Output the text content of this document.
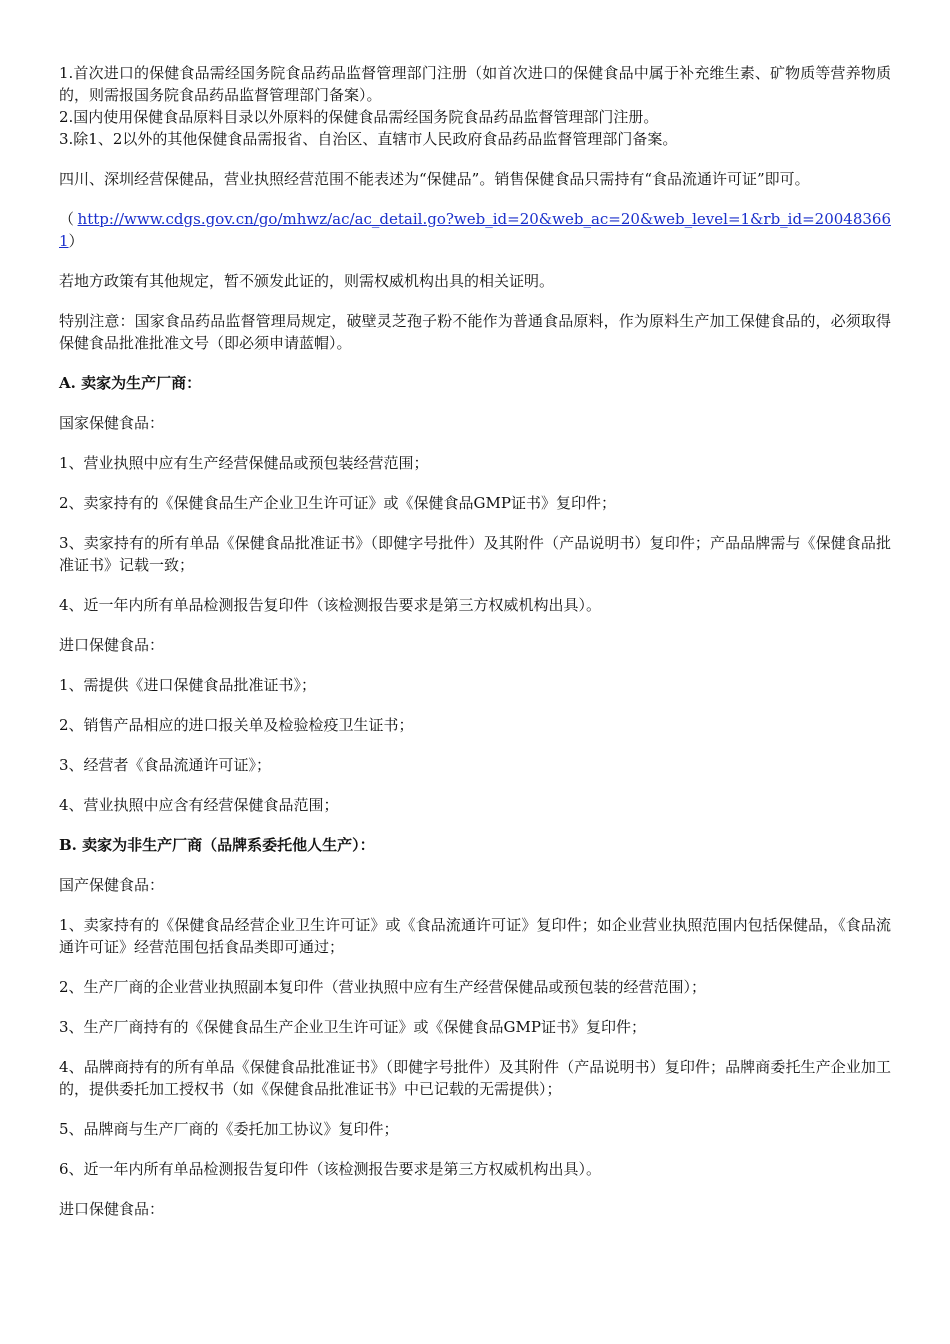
1.首次进口的保健食品需经国务院食品药品监督管理部门注册（如首次进口的保健食品中属于补充维生素、矿物质等营养物质的，则需报国务院食品药品监督管理部门备案）。

2.国内使用保健食品原料目录以外原料的保健食品需经国务院食品药品监督管理部门注册。

3.除1、2以外的其他保健食品需报省、自治区、直辖市人民政府食品药品监督管理部门备案。

四川、深圳经营保健品，营业执照经营范围不能表述为“保健品”。销售保健食品只需持有“食品流通许可证”即可。

（http://www.cdgs.gov.cn/go/mhwz/ac/ac_detail.go?web_id=20&web_ac=20&web_level=1&rb_id=200483661）

若地方政策有其他规定，暂不颁发此证的，则需权威机构出具的相关证明。

特别注意：国家食品药品监督管理局规定，破壁灵芝孢子粉不能作为普通食品原料，作为原料生产加工保健食品的，必须取得保健食品批准批准文号（即必须申请蓝帽）。

A. 卖家为生产厂商：

国家保健食品：

1、营业执照中应有生产经营保健品或预包装经营范围；

2、卖家持有的《保健食品生产企业卫生许可证》或《保健食品GMP证书》复印件；

3、卖家持有的所有单品《保健食品批准证书》（即健字号批件）及其附件（产品说明书）复印件；产品品牌需与《保健食品批准证书》记载一致；

4、近一年内所有单品检测报告复印件（该检测报告要求是第三方权威机构出具）。

进口保健食品：

1、需提供《进口保健食品批准证书》；

2、销售产品相应的进口报关单及检验检疫卫生证书；

3、经营者《食品流通许可证》；

4、营业执照中应含有经营保健食品范围；

B. 卖家为非生产厂商（品牌系委托他人生产）：

国产保健食品：

1、卖家持有的《保健食品经营企业卫生许可证》或《食品流通许可证》复印件；如企业营业执照范围内包括保健品，《食品流通许可证》经营范围包括食品类即可通过；

2、生产厂商的企业营业执照副本复印件（营业执照中应有生产经营保健品或预包装的经营范围）；

3、生产厂商持有的《保健食品生产企业卫生许可证》或《保健食品GMP证书》复印件；

4、品牌商持有的所有单品《保健食品批准证书》（即健字号批件）及其附件（产品说明书）复印件；品牌商委托生产企业加工的，提供委托加工授权书（如《保健食品批准证书》中已记载的无需提供）；

5、品牌商与生产厂商的《委托加工协议》复印件；

6、近一年内所有单品检测报告复印件（该检测报告要求是第三方权威机构出具）。

进口保健食品：
